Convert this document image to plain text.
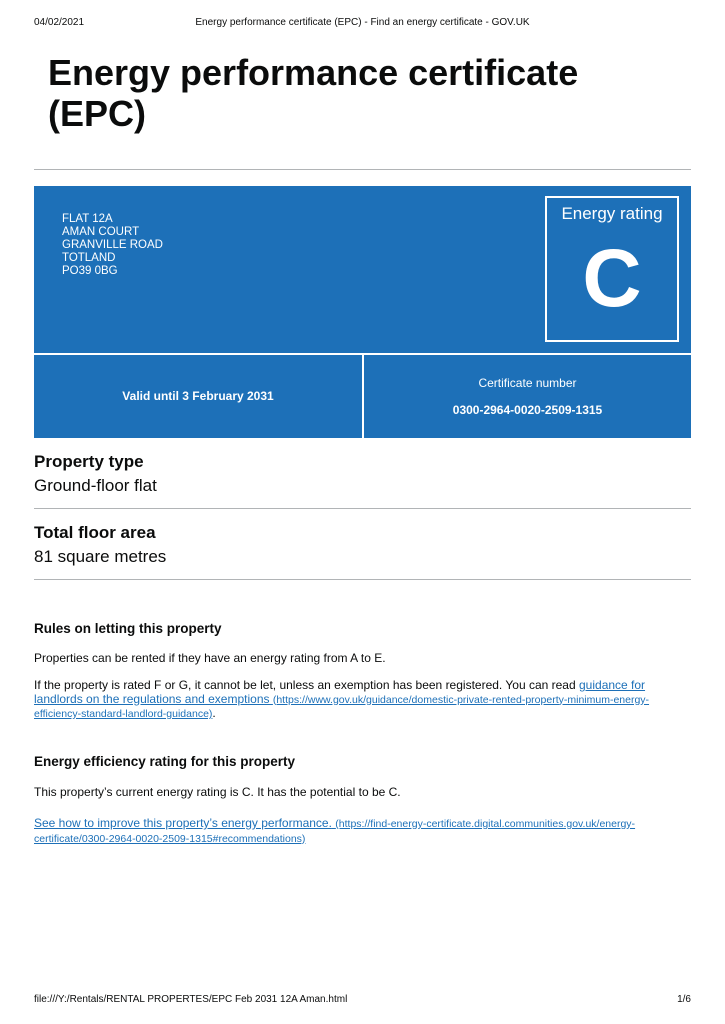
04/02/2021	Energy performance certificate (EPC) - Find an energy certificate - GOV.UK
Energy performance certificate (EPC)
FLAT 12A
AMAN COURT
GRANVILLE ROAD
TOTLAND
PO39 0BG
Energy rating
C
Valid until 3 February 2031
Certificate number
0300-2964-0020-2509-1315
Property type
Ground-floor flat
Total floor area
81 square metres
Rules on letting this property

Properties can be rented if they have an energy rating from A to E.

If the property is rated F or G, it cannot be let, unless an exemption has been registered. You can read guidance for landlords on the regulations and exemptions (https://www.gov.uk/guidance/domestic-private-rented-property-minimum-energy-efficiency-standard-landlord-guidance).

Energy efficiency rating for this property

This property’s current energy rating is C. It has the potential to be C.

See how to improve this property’s energy performance. (https://find-energy-certificate.digital.communities.gov.uk/energy-certificate/0300-2964-0020-2509-1315#recommendations)

file:///Y:/Rentals/RENTAL PROPERTES/EPC Feb 2031 12A Aman.html	1/6
